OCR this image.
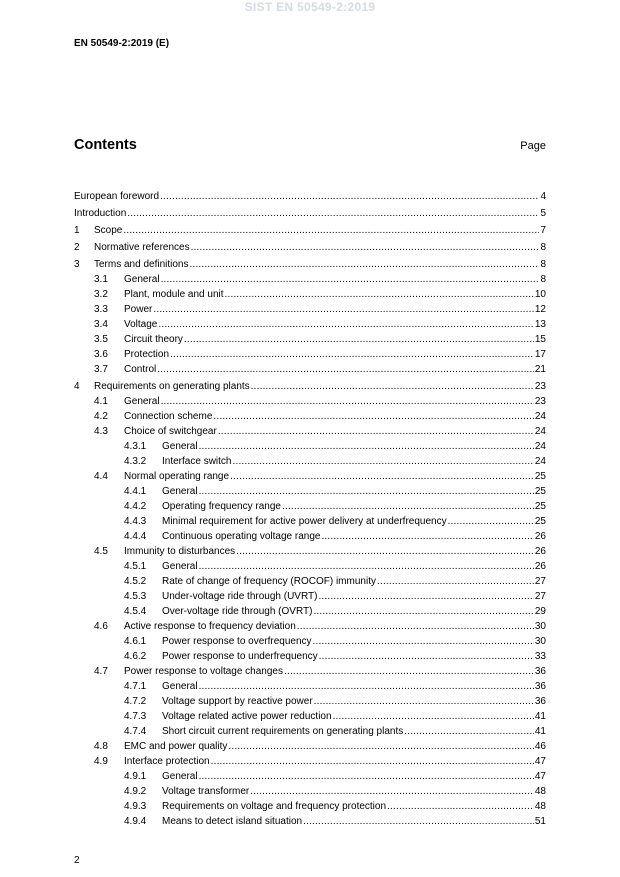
SIST EN 50549-2:2019
EN 50549-2:2019 (E)
Contents	Page
European foreword .....	4
Introduction .....	5
1	Scope .....	7
2	Normative references .....	8
3	Terms and definitions .....	8
3.1	General .....	8
3.2	Plant, module and unit .....	10
3.3	Power .....	12
3.4	Voltage .....	13
3.5	Circuit theory .....	15
3.6	Protection .....	17
3.7	Control .....	21
4	Requirements on generating plants .....	23
4.1	General .....	23
4.2	Connection scheme .....	24
4.3	Choice of switchgear .....	24
4.3.1	General .....	24
4.3.2	Interface switch .....	24
4.4	Normal operating range .....	25
4.4.1	General .....	25
4.4.2	Operating frequency range .....	25
4.4.3	Minimal requirement for active power delivery at underfrequency .....	25
4.4.4	Continuous operating voltage range .....	26
4.5	Immunity to disturbances .....	26
4.5.1	General .....	26
4.5.2	Rate of change of frequency (ROCOF) immunity .....	27
4.5.3	Under-voltage ride through (UVRT) .....	27
4.5.4	Over-voltage ride through (OVRT) .....	29
4.6	Active response to frequency deviation .....	30
4.6.1	Power response to overfrequency .....	30
4.6.2	Power response to underfrequency .....	33
4.7	Power response to voltage changes .....	36
4.7.1	General .....	36
4.7.2	Voltage support by reactive power .....	36
4.7.3	Voltage related active power reduction .....	41
4.7.4	Short circuit current requirements on generating plants .....	41
4.8	EMC and power quality .....	46
4.9	Interface protection .....	47
4.9.1	General .....	47
4.9.2	Voltage transformer .....	48
4.9.3	Requirements on voltage and frequency protection .....	48
4.9.4	Means to detect island situation .....	51
2
